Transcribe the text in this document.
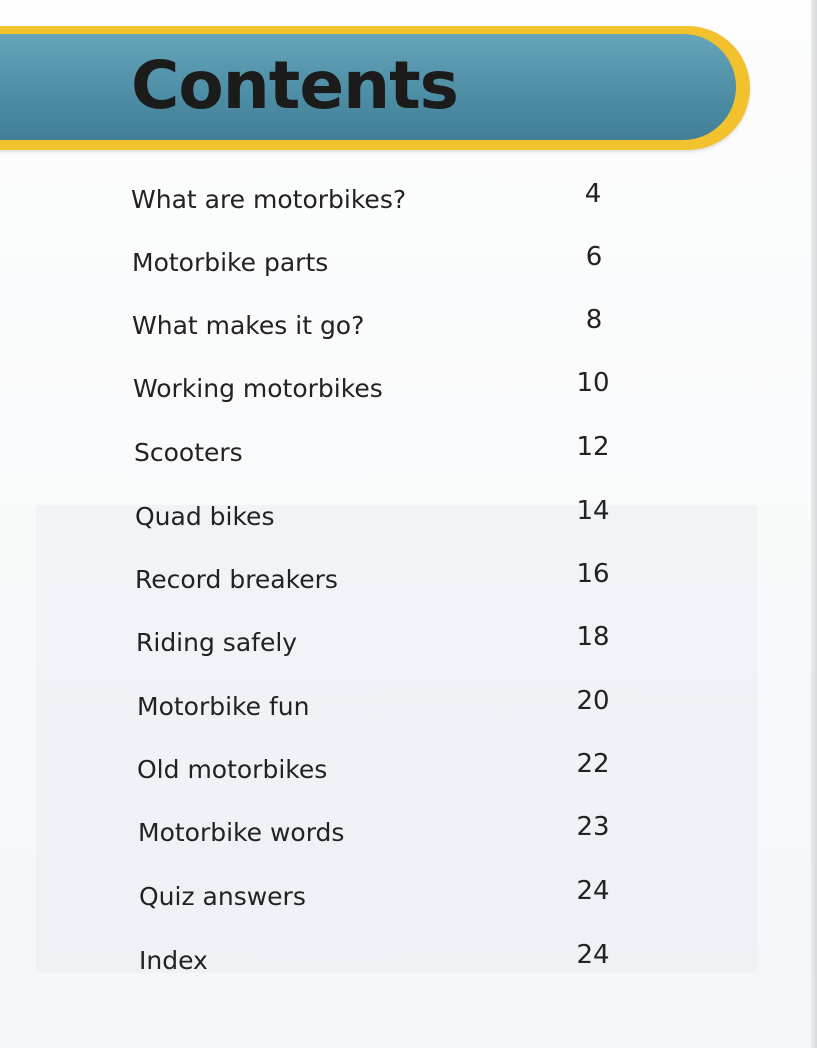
Contents
What are motorbikes?	4
Motorbike parts	6
What makes it go?	8
Working motorbikes	10
Scooters	12
Quad bikes	14
Record breakers	16
Riding safely	18
Motorbike fun	20
Old motorbikes	22
Motorbike words	23
Quiz answers	24
Index	24
